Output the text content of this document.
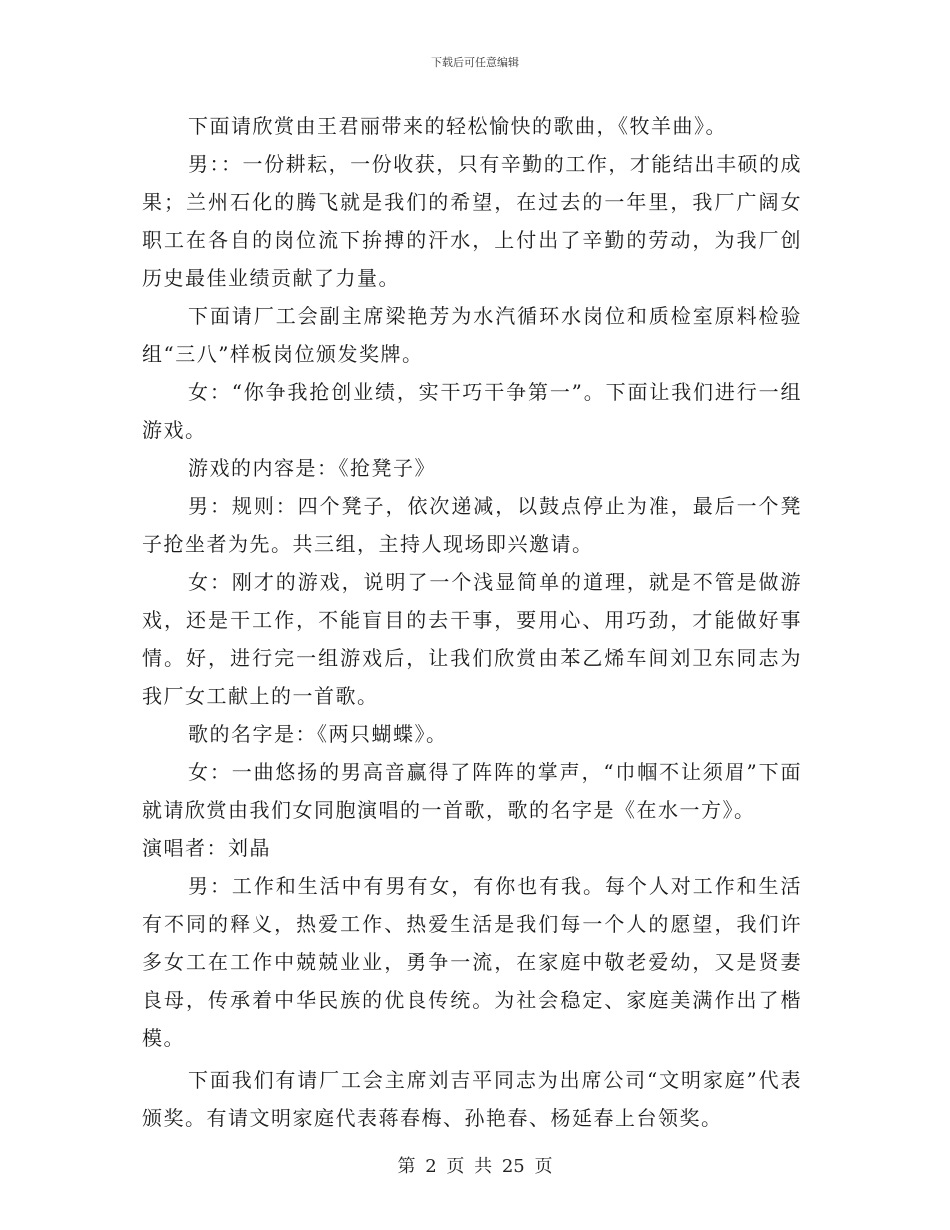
下载后可任意编辑

下面请欣赏由王君丽带来的轻松愉快的歌曲，《牧羊曲》。

男：：一份耕耘，一份收获，只有辛勤的工作，才能结出丰硕的成果；兰州石化的腾飞就是我们的希望，在过去的一年里，我厂广阔女职工在各自的岗位流下拚搏的汗水，上付出了辛勤的劳动，为我厂创历史最佳业绩贡献了力量。

下面请厂工会副主席梁艳芳为水汽循环水岗位和质检室原料检验组“三八”样板岗位颁发奖牌。

女：“你争我抢创业绩，实干巧干争第一”。下面让我们进行一组游戏。

游戏的内容是：《抢凳子》

男：规则：四个凳子，依次递减，以鼓点停止为准，最后一个凳子抢坐者为先。共三组，主持人现场即兴邀请。

女：刚才的游戏，说明了一个浅显简单的道理，就是不管是做游戏，还是干工作，不能盲目的去干事，要用心、用巧劲，才能做好事情。好，进行完一组游戏后，让我们欣赏由苯乙烯车间刘卫东同志为我厂女工献上的一首歌。

歌的名字是：《两只蝴蝶》。

女：一曲悠扬的男高音赢得了阵阵的掌声，“巾帼不让须眉”下面就请欣赏由我们女同胞演唱的一首歌，歌的名字是《在水一方》。

演唱者：刘晶

男：工作和生活中有男有女，有你也有我。每个人对工作和生活有不同的释义，热爱工作、热爱生活是我们每一个人的愿望，我们许多女工在工作中兢兢业业，勇争一流，在家庭中敬老爱幼，又是贤妻良母，传承着中华民族的优良传统。为社会稳定、家庭美满作出了楷模。

下面我们有请厂工会主席刘吉平同志为出席公司“文明家庭”代表颁奖。有请文明家庭代表蒋春梅、孙艳春、杨延春上台领奖。

第 2 页 共 25 页
